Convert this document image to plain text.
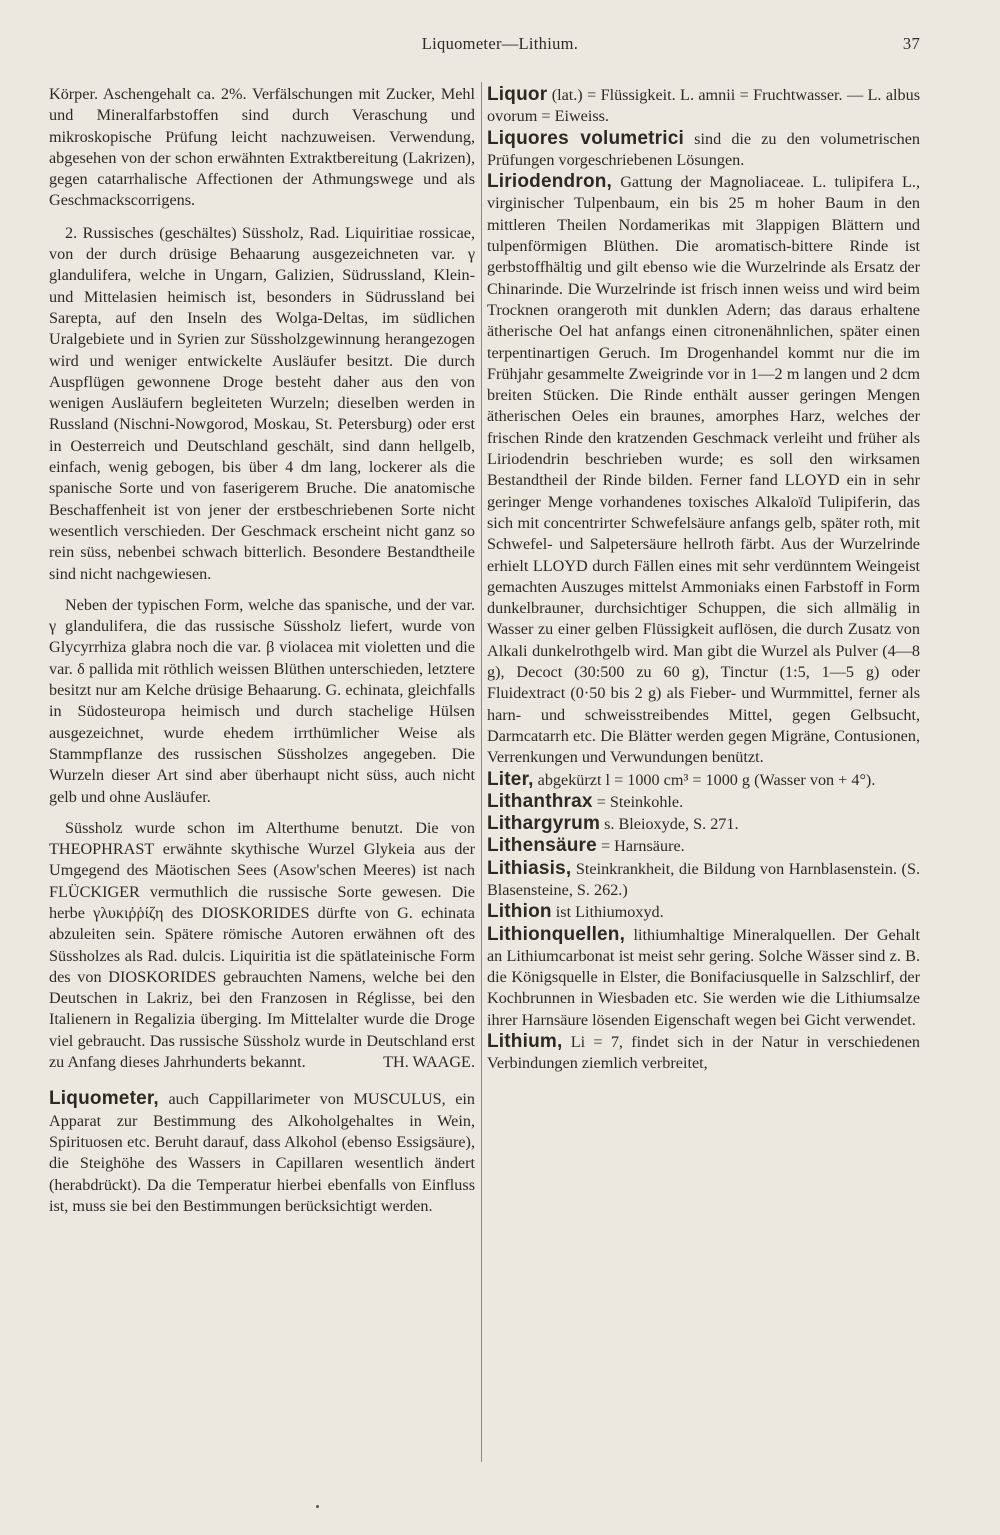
Liquometer—Lithium.	37

Körper. Aschengehalt ca. 2%. Verfälschungen mit Zucker, Mehl und Mineralfarbstoffen sind durch Veraschung und mikroskopische Prüfung leicht nachzuweisen. Verwendung, abgesehen von der schon erwähnten Extraktbereitung (Lakrizen), gegen catarrhalische Affectionen der Athmungswege und als Geschmackscorrigens.

2. Russisches (geschältes) Süssholz, Rad. Liquiritiae rossicae, von der durch drüsige Behaarung ausgezeichneten var. γ glandulifera, welche in Ungarn, Galizien, Südrussland, Klein- und Mittelasien heimisch ist, besonders in Südrussland bei Sarepta, auf den Inseln des Wolga-Deltas, im südlichen Uralgebiete und in Syrien zur Süssholzgewinnung herangezogen wird und weniger entwickelte Ausläufer besitzt. Die durch Auspflügen gewonnene Droge besteht daher aus den von wenigen Ausläufern begleiteten Wurzeln; dieselben werden in Russland (Nischni-Nowgorod, Moskau, St. Petersburg) oder erst in Oesterreich und Deutschland geschält, sind dann hellgelb, einfach, wenig gebogen, bis über 4 dm lang, lockerer als die spanische Sorte und von faserigerem Bruche. Die anatomische Beschaffenheit ist von jener der erstbeschriebenen Sorte nicht wesentlich verschieden. Der Geschmack erscheint nicht ganz so rein süss, nebenbei schwach bitterlich. Besondere Bestandtheile sind nicht nachgewiesen.

Neben der typischen Form, welche das spanische, und der var. γ glandulifera, die das russische Süssholz liefert, wurde von Glycyrrhiza glabra noch die var. β violacea mit violetten und die var. δ pallida mit röthlich weissen Blüthen unterschieden, letztere besitzt nur am Kelche drüsige Behaarung. G. echinata, gleichfalls in Südosteuropa heimisch und durch stachelige Hülsen ausgezeichnet, wurde ehedem irrthümlicher Weise als Stammpflanze des russischen Süssholzes angegeben. Die Wurzeln dieser Art sind aber überhaupt nicht süss, auch nicht gelb und ohne Ausläufer.

Süssholz wurde schon im Alterthume benutzt. Die von THEOPHRAST erwähnte skythische Wurzel Glykeia aus der Umgegend des Mäotischen Sees (Asow'schen Meeres) ist nach FLÜCKIGER vermuthlich die russische Sorte gewesen. Die herbe γλυκιῤῥίζη des DIOSKORIDES dürfte von G. echinata abzuleiten sein. Spätere römische Autoren erwähnen oft des Süssholzes als Rad. dulcis. Liquiritia ist die spätlateinische Form des von DIOSKORIDES gebrauchten Namens, welche bei den Deutschen in Lakriz, bei den Franzosen in Réglisse, bei den Italienern in Regalizia überging. Im Mittelalter wurde die Droge viel gebraucht. Das russische Süssholz wurde in Deutschland erst zu Anfang dieses Jahrhunderts bekannt.	TH. WAAGE.

Liquometer, auch Cappillarimeter von MUSCULUS, ein Apparat zur Bestimmung des Alkoholgehaltes in Wein, Spirituosen etc. Beruht darauf, dass Alkohol (ebenso Essigsäure), die Steighöhe des Wassers in Capillaren wesentlich ändert (herabdrückt). Da die Temperatur hierbei ebenfalls von Einfluss ist, muss sie bei den Bestimmungen berücksichtigt werden.

Liquor (lat.) = Flüssigkeit. L. amnii = Fruchtwasser. — L. albus ovorum = Eiweiss.

Liquores volumetrici sind die zu den volumetrischen Prüfungen vorgeschriebenen Lösungen.

Liriodendron, Gattung der Magnoliaceae. L. tulipifera L., virginischer Tulpenbaum, ein bis 25 m hoher Baum in den mittleren Theilen Nordamerikas mit 3lappigen Blättern und tulpenförmigen Blüthen. Die aromatisch-bittere Rinde ist gerbstoffhältig und gilt ebenso wie die Wurzelrinde als Ersatz der Chinarinde. Die Wurzelrinde ist frisch innen weiss und wird beim Trocknen orangeroth mit dunklen Adern; das daraus erhaltene ätherische Oel hat anfangs einen citronenähnlichen, später einen terpentinartigen Geruch. Im Drogenhandel kommt nur die im Frühjahr gesammelte Zweigrinde vor in 1—2 m langen und 2 dcm breiten Stücken. Die Rinde enthält ausser geringen Mengen ätherischen Oeles ein braunes, amorphes Harz, welches der frischen Rinde den kratzenden Geschmack verleiht und früher als Liriodendrin beschrieben wurde; es soll den wirksamen Bestandtheil der Rinde bilden. Ferner fand LLOYD ein in sehr geringer Menge vorhandenes toxisches Alkaloïd Tulipiferin, das sich mit concentrirter Schwefelsäure anfangs gelb, später roth, mit Schwefel- und Salpetersäure hellroth färbt. Aus der Wurzelrinde erhielt LLOYD durch Fällen eines mit sehr verdünntem Weingeist gemachten Auszuges mittelst Ammoniaks einen Farbstoff in Form dunkelbrauner, durchsichtiger Schuppen, die sich allmälig in Wasser zu einer gelben Flüssigkeit auflösen, die durch Zusatz von Alkali dunkelrothgelb wird. Man gibt die Wurzel als Pulver (4—8 g), Decoct (30:500 zu 60 g), Tinctur (1:5, 1—5 g) oder Fluidextract (0·50 bis 2 g) als Fieber- und Wurmmittel, ferner als harn- und schweisstreibendes Mittel, gegen Gelbsucht, Darmcatarrh etc. Die Blätter werden gegen Migräne, Contusionen, Verrenkungen und Verwundungen benützt.

Liter, abgekürzt l = 1000 cm³ = 1000 g (Wasser von + 4°).

Lithanthrax = Steinkohle.

Lithargyrum s. Bleioxyde, S. 271.

Lithensäure = Harnsäure.

Lithiasis, Steinkrankheit, die Bildung von Harnblasenstein. (S. Blasensteine, S. 262.)

Lithion ist Lithiumoxyd.

Lithionquellen, lithiumhaltige Mineralquellen. Der Gehalt an Lithiumcarbonat ist meist sehr gering. Solche Wässer sind z. B. die Königsquelle in Elster, die Bonifaciusquelle in Salzschlirf, der Kochbrunnen in Wiesbaden etc. Sie werden wie die Lithiumsalze ihrer Harnsäure lösenden Eigenschaft wegen bei Gicht verwendet.

Lithium, Li = 7, findet sich in der Natur in verschiedenen Verbindungen ziemlich verbreitet,
